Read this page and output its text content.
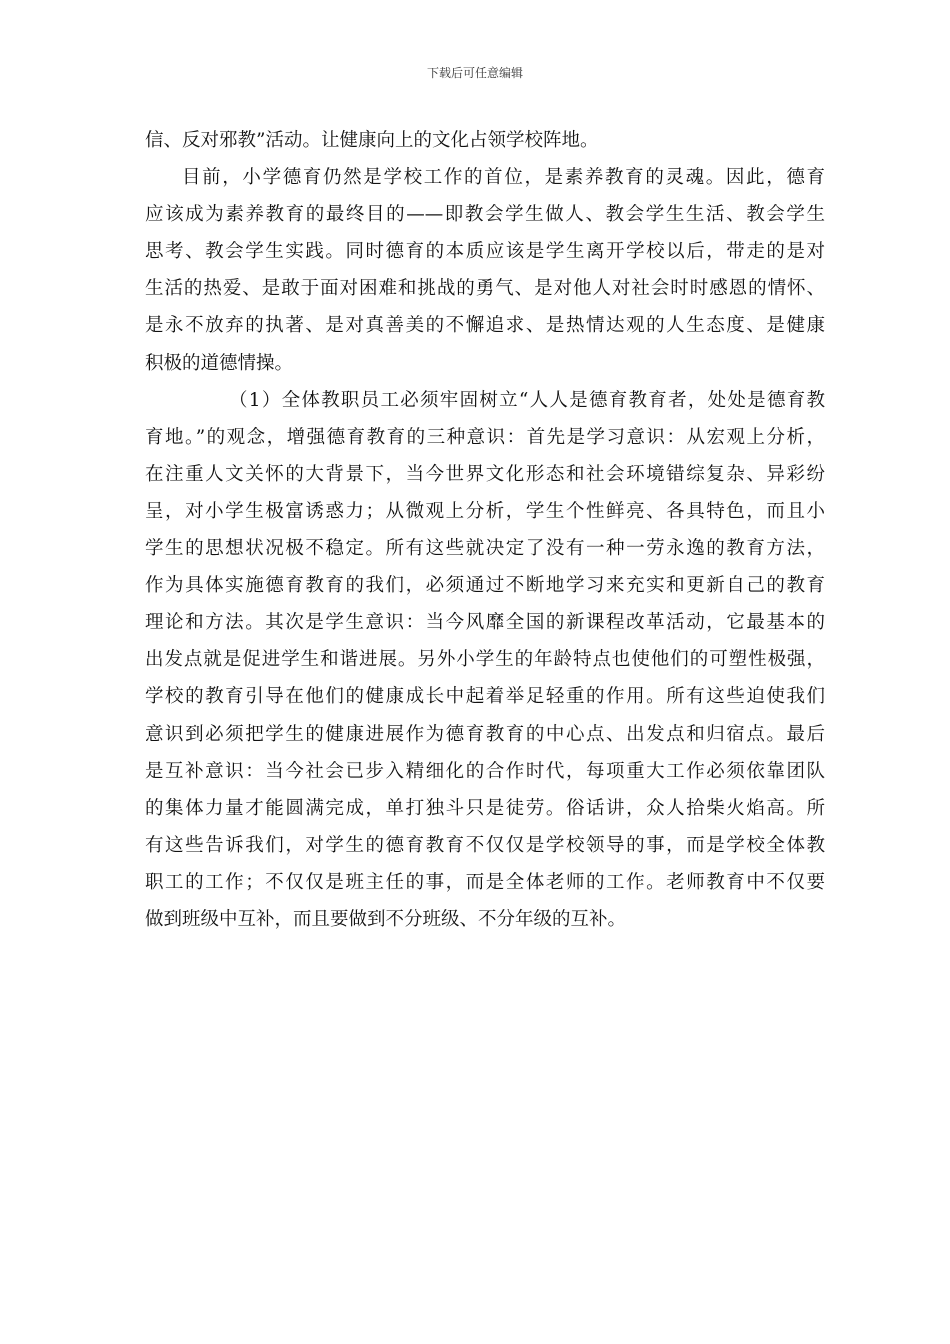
下载后可任意编辑
信、反对邪教”活动。让健康向上的文化占领学校阵地。
目前，小学德育仍然是学校工作的首位，是素养教育的灵魂。因此，德育
应该成为素养教育的最终目的——即教会学生做人、教会学生生活、教会学生
思考、教会学生实践。同时德育的本质应该是学生离开学校以后，带走的是对
生活的热爱、是敢于面对困难和挑战的勇气、是对他人对社会时时感恩的情怀、
是永不放弃的执著、是对真善美的不懈追求、是热情达观的人生态度、是健康
积极的道德情操。
（1）全体教职员工必须牢固树立“人人是德育教育者，处处是德育教
育地。”的观念，增强德育教育的三种意识：首先是学习意识：从宏观上分析，
在注重人文关怀的大背景下，当今世界文化形态和社会环境错综复杂、异彩纷
呈，对小学生极富诱惑力；从微观上分析，学生个性鲜亮、各具特色，而且小
学生的思想状况极不稳定。所有这些就决定了没有一种一劳永逸的教育方法，
作为具体实施德育教育的我们，必须通过不断地学习来充实和更新自己的教育
理论和方法。其次是学生意识：当今风靡全国的新课程改革活动，它最基本的
出发点就是促进学生和谐进展。另外小学生的年龄特点也使他们的可塑性极强，
学校的教育引导在他们的健康成长中起着举足轻重的作用。所有这些迫使我们
意识到必须把学生的健康进展作为德育教育的中心点、出发点和归宿点。最后
是互补意识：当今社会已步入精细化的合作时代，每项重大工作必须依靠团队
的集体力量才能圆满完成，单打独斗只是徒劳。俗话讲，众人拾柴火焰高。所
有这些告诉我们，对学生的德育教育不仅仅是学校领导的事，而是学校全体教
职工的工作；不仅仅是班主任的事，而是全体老师的工作。老师教育中不仅要
做到班级中互补，而且要做到不分班级、不分年级的互补。
